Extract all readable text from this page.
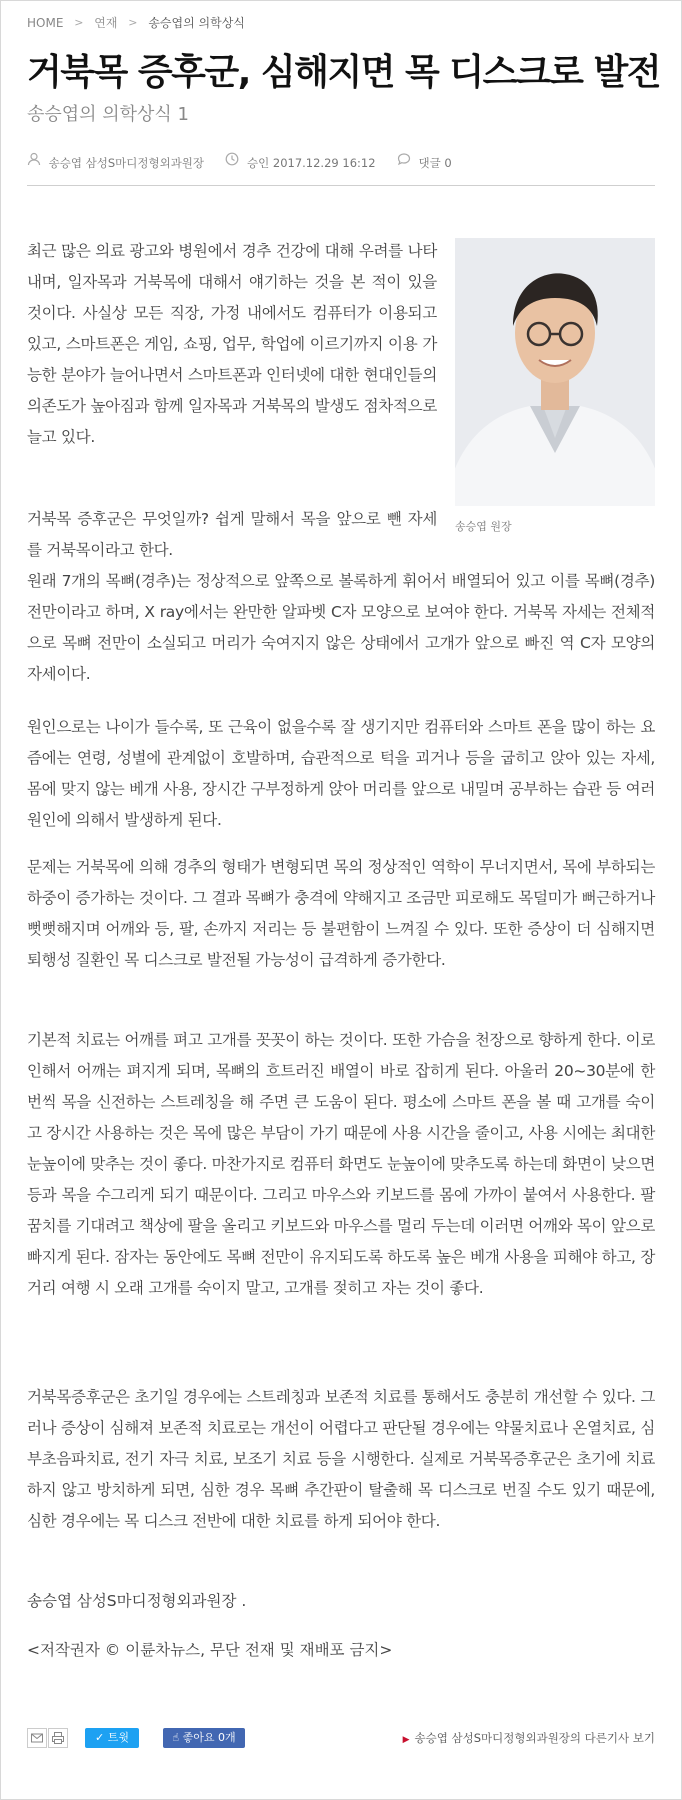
HOME > 연재 > 송승엽의 의학상식
거북목 증후군, 심해지면 목 디스크로 발전
송승엽의 의학상식 1
송승엽 삼성S마디정형외과원장	승인 2017.12.29 16:12	댓글 0
송승엽 원장

최근 많은 의료 광고와 병원에서 경추 건강에 대해 우려를 나타내며, 일자목과 거북목에 대해서 얘기하는 것을 본 적이 있을 것이다. 사실상 모든 직장, 가정 내에서도 컴퓨터가 이용되고 있고, 스마트폰은 게임, 쇼핑, 업무, 학업에 이르기까지 이용 가능한 분야가 늘어나면서 스마트폰과 인터넷에 대한 현대인들의 의존도가 높아짐과 함께 일자목과 거북목의 발생도 점차적으로 늘고 있다.

거북목 증후군은 무엇일까? 쉽게 말해서 목을 앞으로 뺀 자세를 거북목이라고 한다.
원래 7개의 목뼈(경추)는 정상적으로 앞쪽으로 볼록하게 휘어서 배열되어 있고 이를 목뼈(경추) 전만이라고 하며, X ray에서는 완만한 알파벳 C자 모양으로 보여야 한다. 거북목 자세는 전체적으로 목뼈 전만이 소실되고 머리가 숙여지지 않은 상태에서 고개가 앞으로 빠진 역 C자 모양의 자세이다.

원인으로는 나이가 들수록, 또 근육이 없을수록 잘 생기지만 컴퓨터와 스마트 폰을 많이 하는 요즘에는 연령, 성별에 관계없이 호발하며, 습관적으로 턱을 괴거나 등을 굽히고 앉아 있는 자세, 몸에 맞지 않는 베개 사용, 장시간 구부정하게 앉아 머리를 앞으로 내밀며 공부하는 습관 등 여러 원인에 의해서 발생하게 된다.

문제는 거북목에 의해 경추의 형태가 변형되면 목의 정상적인 역학이 무너지면서, 목에 부하되는 하중이 증가하는 것이다. 그 결과 목뼈가 충격에 약해지고 조금만 피로해도 목덜미가 뻐근하거나 뻣뻣해지며 어깨와 등, 팔, 손까지 저리는 등 불편함이 느껴질 수 있다. 또한 증상이 더 심해지면 퇴행성 질환인 목 디스크로 발전될 가능성이 급격하게 증가한다.

기본적 치료는 어깨를 펴고 고개를 꼿꼿이 하는 것이다. 또한 가슴을 천장으로 향하게 한다. 이로 인해서 어깨는 펴지게 되며, 목뼈의 흐트러진 배열이 바로 잡히게 된다. 아울러 20~30분에 한 번씩 목을 신전하는 스트레칭을 해 주면 큰 도움이 된다. 평소에 스마트 폰을 볼 때 고개를 숙이고 장시간 사용하는 것은 목에 많은 부담이 가기 때문에 사용 시간을 줄이고, 사용 시에는 최대한 눈높이에 맞추는 것이 좋다. 마찬가지로 컴퓨터 화면도 눈높이에 맞추도록 하는데 화면이 낮으면 등과 목을 수그리게 되기 때문이다. 그리고 마우스와 키보드를 몸에 가까이 붙여서 사용한다. 팔꿈치를 기대려고 책상에 팔을 올리고 키보드와 마우스를 멀리 두는데 이러면 어깨와 목이 앞으로 빠지게 된다. 잠자는 동안에도 목뼈 전만이 유지되도록 하도록 높은 베개 사용을 피해야 하고, 장거리 여행 시 오래 고개를 숙이지 말고, 고개를 젖히고 자는 것이 좋다.

거북목증후군은 초기일 경우에는 스트레칭과 보존적 치료를 통해서도 충분히 개선할 수 있다. 그러나 증상이 심해져 보존적 치료로는 개선이 어렵다고 판단될 경우에는 약물치료나 온열치료, 심부초음파치료, 전기 자극 치료, 보조기 치료 등을 시행한다. 실제로 거북목증후군은 초기에 치료하지 않고 방치하게 되면, 심한 경우 목뼈 추간판이 탈출해 목 디스크로 번질 수도 있기 때문에, 심한 경우에는 목 디스크 전반에 대한 치료를 하게 되어야 한다.

송승엽 삼성S마디정형외과원장 .
<저작권자 © 이륜차뉴스, 무단 전재 및 재배포 금지>
✓ 트윗	☝ 좋아요 0개	▶ 송승엽 삼성S마디정형외과원장의 다른기사 보기
